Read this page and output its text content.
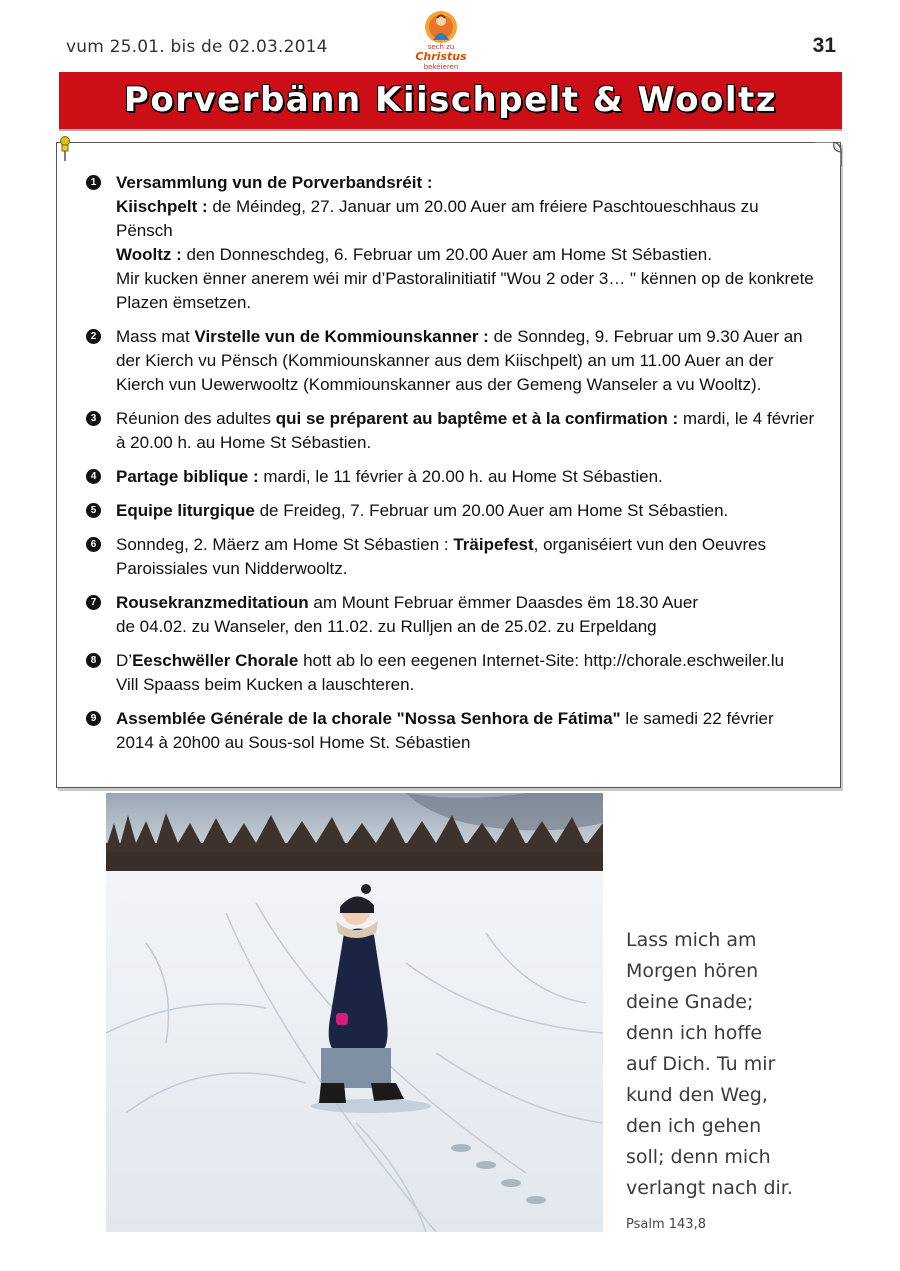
vum 25.01. bis de 02.03.2014	sech zu
Christus
bekéieren
31
Porverbänn Kiischpelt & Wooltz
1 Versammlung vun de Porverbandsréit :
Kiischpelt : de Méindeg, 27. Januar um 20.00 Auer am fréiere Paschtoueschhaus zu Pënsch
Wooltz : den Donneschdeg, 6. Februar um 20.00 Auer am Home St Sébastien.
Mir kucken ënner anerem wéi mir d’Pastoralinitiatif "Wou 2 oder 3… " kënnen op de konkrete Plazen ëmsetzen.
2 Mass mat Virstelle vun de Kommiounskanner : de Sonndeg, 9. Februar um 9.30 Auer an der Kierch vu Pënsch (Kommiounskanner aus dem Kiischpelt) an um 11.00 Auer an der Kierch vun Uewerwooltz (Kommiounskanner aus der Gemeng Wanseler a vu Wooltz).
3 Réunion des adultes qui se préparent au baptême et à la confirmation : mardi, le 4 février à 20.00 h. au Home St Sébastien.
4 Partage biblique : mardi, le 11 février à 20.00 h. au Home St Sébastien.
5 Equipe liturgique de Freideg, 7. Februar um 20.00 Auer am Home St Sébastien.
6 Sonndeg, 2. Mäerz am Home St Sébastien : Träipefest, organiséiert vun den Oeuvres Paroissiales vun Nidderwooltz.
7 Rousekranzmeditatioun am Mount Februar ëmmer Daasdes ëm 18.30 Auer
de 04.02. zu Wanseler, den 11.02. zu Rulljen an de 25.02. zu Erpeldang
8 D’Eeschwëller Chorale hott ab lo een eegenen Internet-Site: http://chorale.eschweiler.lu
Vill Spaass beim Kucken a lauschteren.
9 Assemblée Générale de la chorale "Nossa Senhora de Fátima" le samedi 22 février 2014 à 20h00 au Sous-sol Home St. Sébastien
Lass mich am
Morgen hören
deine Gnade;
denn ich hoffe
auf Dich. Tu mir
kund den Weg,
den ich gehen
soll; denn mich
verlangt nach dir.
Psalm 143,8
